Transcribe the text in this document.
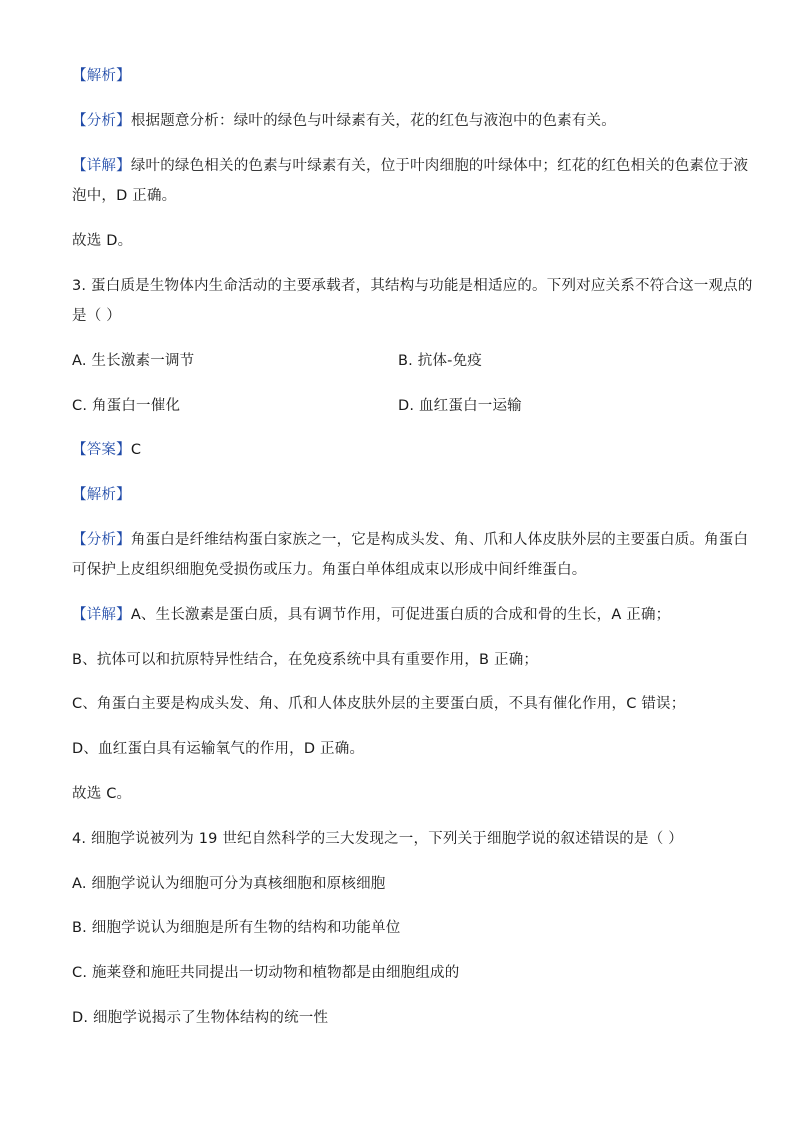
【解析】
【分析】根据题意分析：绿叶的绿色与叶绿素有关，花的红色与液泡中的色素有关。
【详解】绿叶的绿色相关的色素与叶绿素有关，位于叶肉细胞的叶绿体中；红花的红色相关的色素位于液
泡中，D 正确。
故选 D。
3. 蛋白质是生物体内生命活动的主要承载者，其结构与功能是相适应的。下列对应关系不符合这一观点的
是（ ）
A. 生长激素一调节	B. 抗体-免疫
C. 角蛋白一催化	D. 血红蛋白一运输
【答案】C
【解析】
【分析】角蛋白是纤维结构蛋白家族之一，它是构成头发、角、爪和人体皮肤外层的主要蛋白质。角蛋白
可保护上皮组织细胞免受损伤或压力。角蛋白单体组成束以形成中间纤维蛋白。
【详解】A、生长激素是蛋白质，具有调节作用，可促进蛋白质的合成和骨的生长，A 正确；
B、抗体可以和抗原特异性结合，在免疫系统中具有重要作用，B 正确；
C、角蛋白主要是构成头发、角、爪和人体皮肤外层的主要蛋白质，不具有催化作用，C 错误；
D、血红蛋白具有运输氧气的作用，D 正确。
故选 C。
4. 细胞学说被列为 19 世纪自然科学的三大发现之一，下列关于细胞学说的叙述错误的是（ ）
A. 细胞学说认为细胞可分为真核细胞和原核细胞
B. 细胞学说认为细胞是所有生物的结构和功能单位
C. 施莱登和施旺共同提出一切动物和植物都是由细胞组成的
D. 细胞学说揭示了生物体结构的统一性
